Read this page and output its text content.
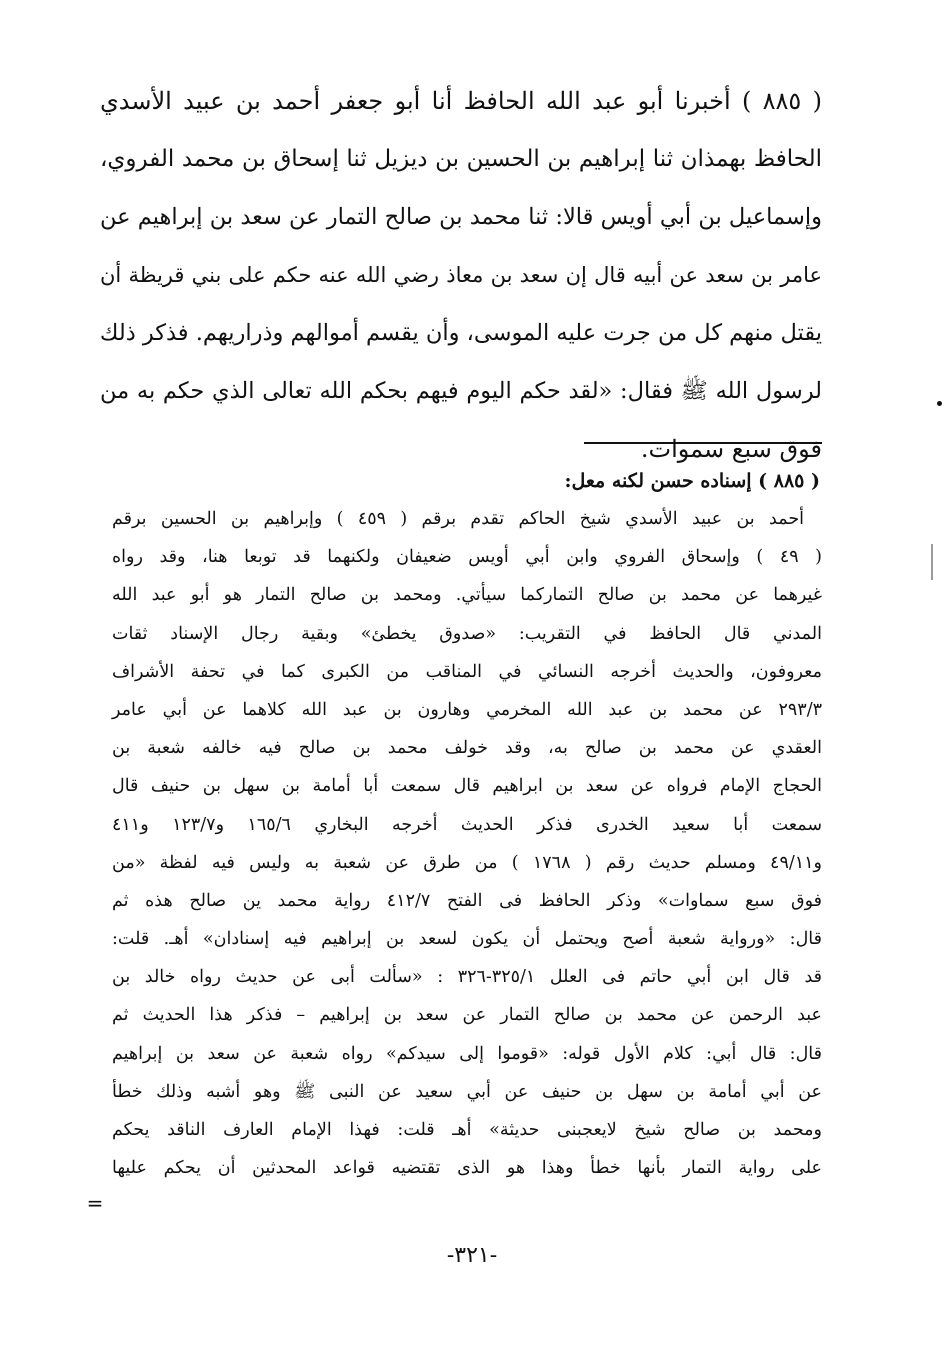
( ٨٨٥ ) أخبرنا أبو عبد الله الحافظ أنا أبو جعفر أحمد بن عبيد الأسدي
الحافظ بهمذان ثنا إبراهيم بن الحسين بن ديزيل ثنا إسحاق بن محمد الفروي،
وإسماعيل بن أبي أويس قالا: ثنا محمد بن صالح التمار عن سعد بن إبراهيم عن
عامر بن سعد عن أبيه قال إن سعد بن معاذ رضي الله عنه حكم على بني قريظة أن
يقتل منهم كل من جرت عليه الموسى، وأن يقسم أموالهم وذراريهم. فذكر ذلك
لرسول الله ﷺ فقال: «لقد حكم اليوم فيهم بحكم الله تعالى الذي حكم به من
فوق سبع سموات.
( ٨٨٥ ) إسناده حسن لكنه معل:
أحمد بن عبيد الأسدي شيخ الحاكم تقدم برقم ( ٤٥٩ ) وإبراهيم بن الحسين برقم
( ٤٩ ) وإسحاق الفروي وابن أبي أويس ضعيفان ولكنهما قد توبعا هنا، وقد رواه
غيرهما عن محمد بن صالح التماركما سيأتي. ومحمد بن صالح التمار هو أبو عبد الله
المدني قال الحافظ في التقريب: «صدوق يخطئ» وبقية رجال الإسناد ثقات
معروفون، والحديث أخرجه النسائي في المناقب من الكبرى كما في تحفة الأشراف
٢٩٣/٣ عن محمد بن عبد الله المخرمي وهارون بن عبد الله كلاهما عن أبي عامر
العقدي عن محمد بن صالح به، وقد خولف محمد بن صالح فيه خالفه شعبة بن
الحجاج الإمام فرواه عن سعد بن ابراهيم قال سمعت أبا أمامة بن سهل بن حنيف قال
سمعت أبا سعيد الخدرى فذكر الحديث أخرجه البخاري ١٦٥/٦ و١٢٣/٧ و٤١١
و٤٩/١١ ومسلم حديث رقم ( ١٧٦٨ ) من طرق عن شعبة به وليس فيه لفظة «من
فوق سبع سماوات» وذكر الحافظ فى الفتح ٤١٢/٧ رواية محمد ين صالح هذه ثم
قال: «ورواية شعبة أصح ويحتمل أن يكون لسعد بن إبراهيم فيه إسنادان» أهـ. قلت:
قد قال ابن أبي حاتم فى العلل ٣٢٥/١-٣٢٦ : «سألت أبى عن حديث رواه خالد بن
عبد الرحمن عن محمد بن صالح التمار عن سعد بن إبراهيم – فذكر هذا الحديث ثم
قال: قال أبي: كلام الأول قوله: «قوموا إلى سيدكم» رواه شعبة عن سعد بن إبراهيم
عن أبي أمامة بن سهل بن حنيف عن أبي سعيد عن النبى ﷺ وهو أشبه وذلك خطأ
ومحمد بن صالح شيخ لايعجبنى حديثة» أهـ قلت: فهذا الإمام العارف الناقد يحكم
على رواية التمار بأنها خطأ وهذا هو الذى تقتضيه قواعد المحدثين أن يحكم عليها
=
-٣٢١-
